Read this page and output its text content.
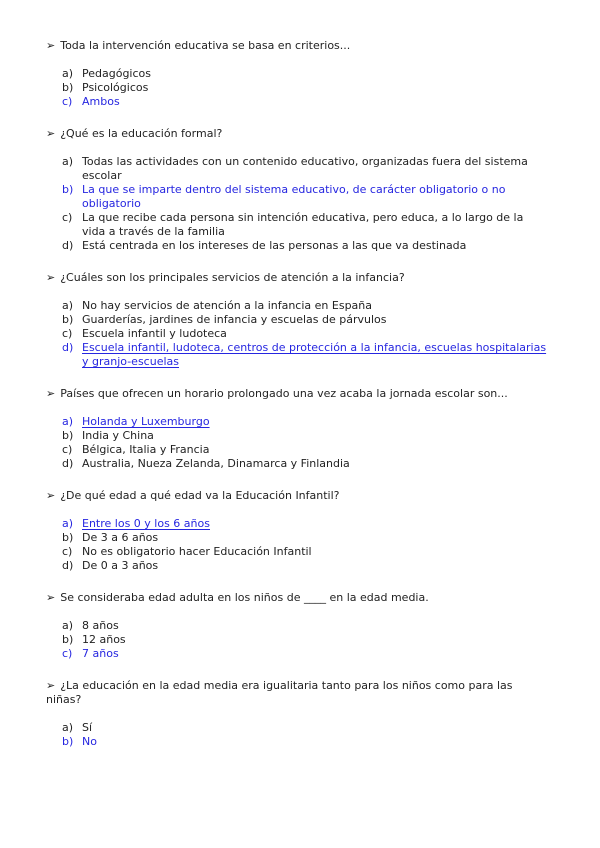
➢ Toda la intervención educativa se basa en criterios...
a) Pedagógicos
b) Psicológicos
c) Ambos
➢ ¿Qué es la educación formal?
a) Todas las actividades con un contenido educativo, organizadas fuera del sistema escolar
b) La que se imparte dentro del sistema educativo, de carácter obligatorio o no obligatorio
c) La que recibe cada persona sin intención educativa, pero educa, a lo largo de la vida a través de la familia
d) Está centrada en los intereses de las personas a las que va destinada
➢ ¿Cuáles son los principales servicios de atención a la infancia?
a) No hay servicios de atención a la infancia en España
b) Guarderías, jardines de infancia y escuelas de párvulos
c) Escuela infantil y ludoteca
d) Escuela infantil, ludoteca, centros de protección a la infancia, escuelas hospitalarias y granjo-escuelas
➢ Países que ofrecen un horario prolongado una vez acaba la jornada escolar son...
a) Holanda y Luxemburgo
b) India y China
c) Bélgica, Italia y Francia
d) Australia, Nueza Zelanda, Dinamarca y Finlandia
➢ ¿De qué edad a qué edad va la Educación Infantil?
a) Entre los 0 y los 6 años
b) De 3 a 6 años
c) No es obligatorio hacer Educación Infantil
d) De 0 a 3 años
➢ Se consideraba edad adulta en los niños de ____ en la edad media.
a) 8 años
b) 12 años
c) 7 años
➢ ¿La educación en la edad media era igualitaria tanto para los niños como para las niñas?
a) Sí
b) No
